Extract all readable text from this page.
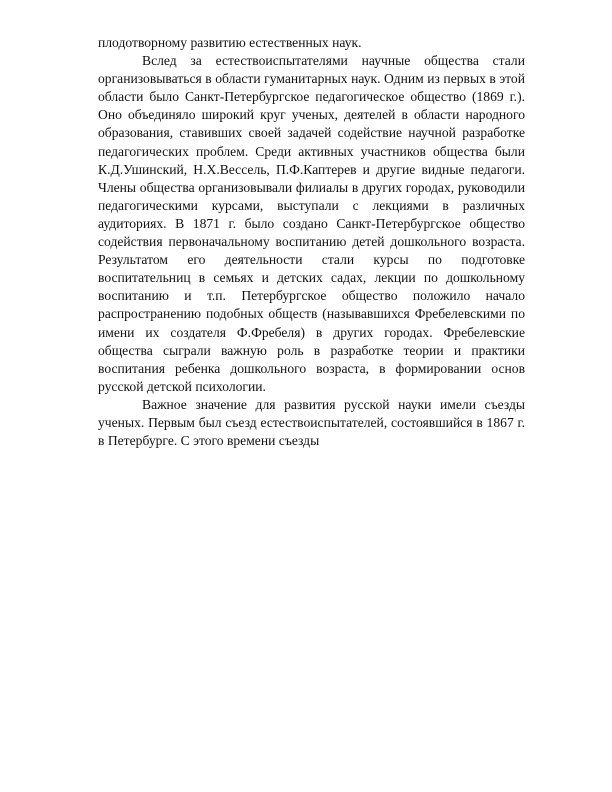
плодотворному развитию естественных наук.

Вслед за естествоиспытателями научные общества стали организовываться в области гуманитарных наук. Одним из первых в этой области было Санкт-Петербургское педагогическое общество (1869 г.). Оно объединяло широкий круг ученых, деятелей в области народного образования, ставивших своей задачей содействие научной разработке педагогических проблем. Среди активных участников общества были К.Д.Ушинский, Н.Х.Вессель, П.Ф.Каптерев и другие видные педагоги. Члены общества организовывали филиалы в других городах, руководили педагогическими курсами, выступали с лекциями в различных аудиториях. В 1871 г. было создано Санкт-Петербургское общество содействия первоначальному воспитанию детей дошкольного возраста. Результатом его деятельности стали курсы по подготовке воспитательниц в семьях и детских садах, лекции по дошкольному воспитанию и т.п. Петербургское общество положило начало распространению подобных обществ (называвшихся Фребелевскими по имени их создателя Ф.Фребеля) в других городах. Фребелевские общества сыграли важную роль в разработке теории и практики воспитания ребенка дошкольного возраста, в формировании основ русской детской психологии.

Важное значение для развития русской науки имели съезды ученых. Первым был съезд естествоиспытателей, состоявшийся в 1867 г. в Петербурге. С этого времени съезды
